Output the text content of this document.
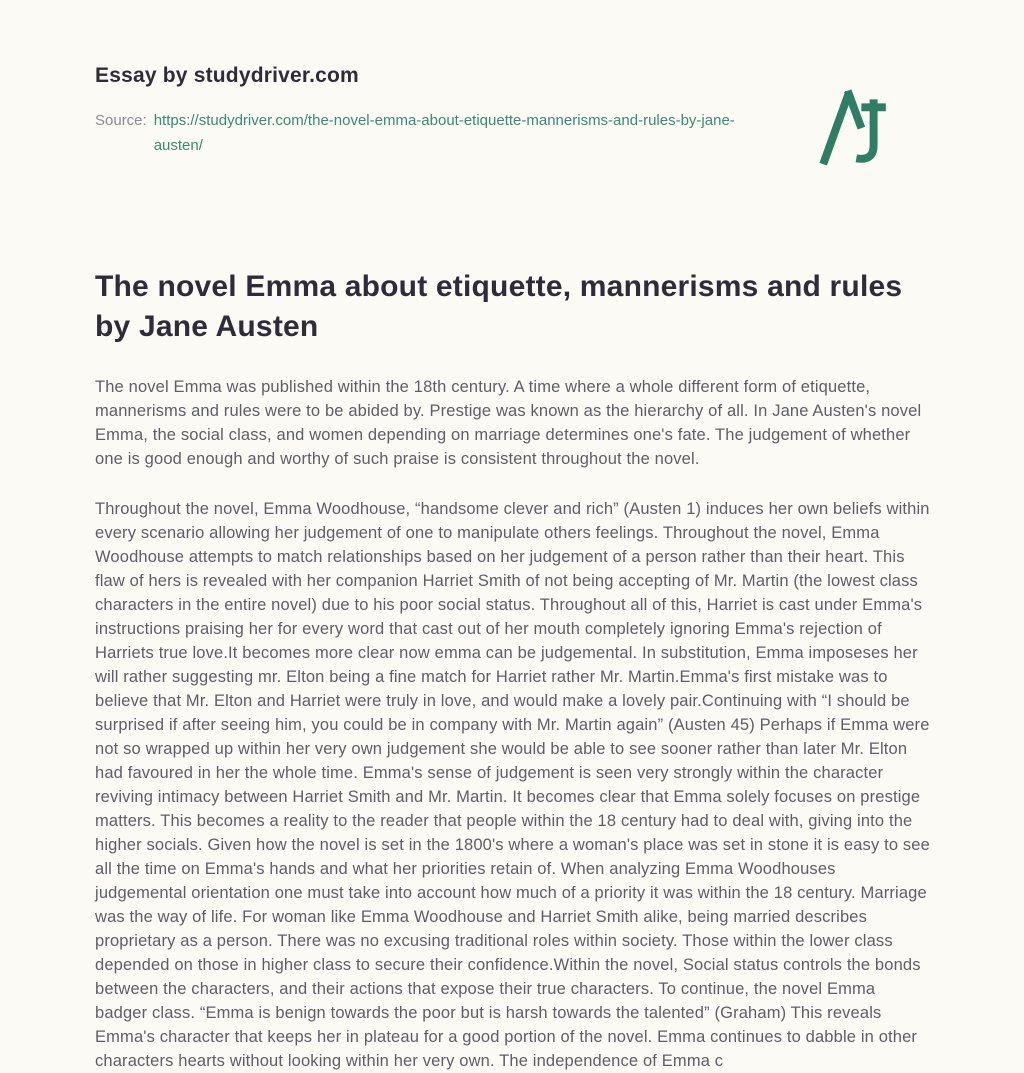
Essay by studydriver.com
Source: https://studydriver.com/the-novel-emma-about-etiquette-mannerisms-and-rules-by-jane-austen/
The novel Emma about etiquette, mannerisms and rules by Jane Austen

The novel Emma was published within the 18th century. A time where a whole different form of etiquette, mannerisms and rules were to be abided by. Prestige was known as the hierarchy of all. In Jane Austen's novel Emma, the social class, and women depending on marriage determines one's fate. The judgement of whether one is good enough and worthy of such praise is consistent throughout the novel.

Throughout the novel, Emma Woodhouse, “handsome clever and rich” (Austen 1) induces her own beliefs within every scenario allowing her judgement of one to manipulate others feelings. Throughout the novel, Emma Woodhouse attempts to match relationships based on her judgement of a person rather than their heart. This flaw of hers is revealed with her companion Harriet Smith of not being accepting of Mr. Martin (the lowest class characters in the entire novel) due to his poor social status. Throughout all of this, Harriet is cast under Emma's instructions praising her for every word that cast out of her mouth completely ignoring Emma's rejection of Harriets true love.It becomes more clear now emma can be judgemental. In substitution, Emma imposeses her will rather suggesting mr. Elton being a fine match for Harriet rather Mr. Martin.Emma's first mistake was to believe that Mr. Elton and Harriet were truly in love, and would make a lovely pair.Continuing with “I should be surprised if after seeing him, you could be in company with Mr. Martin again” (Austen 45) Perhaps if Emma were not so wrapped up within her very own judgement she would be able to see sooner rather than later Mr. Elton had favoured in her the whole time. Emma's sense of judgement is seen very strongly within the character reviving intimacy between Harriet Smith and Mr. Martin. It becomes clear that Emma solely focuses on prestige matters. This becomes a reality to the reader that people within the 18 century had to deal with, giving into the higher socials. Given how the novel is set in the 1800's where a woman's place was set in stone it is easy to see all the time on Emma's hands and what her priorities retain of. When analyzing Emma Woodhouses judgemental orientation one must take into account how much of a priority it was within the 18 century. Marriage was the way of life. For woman like Emma Woodhouse and Harriet Smith alike, being married describes proprietary as a person. There was no excusing traditional roles within society. Those within the lower class depended on those in higher class to secure their confidence.Within the novel, Social status controls the bonds between the characters, and their actions that expose their true characters. To continue, the novel Emma badger class. “Emma is benign towards the poor but is harsh towards the talented” (Graham) This reveals Emma's character that keeps her in plateau for a good portion of the novel. Emma continues to dabble in other characters hearts without looking within her very own. The independence of Emma c
